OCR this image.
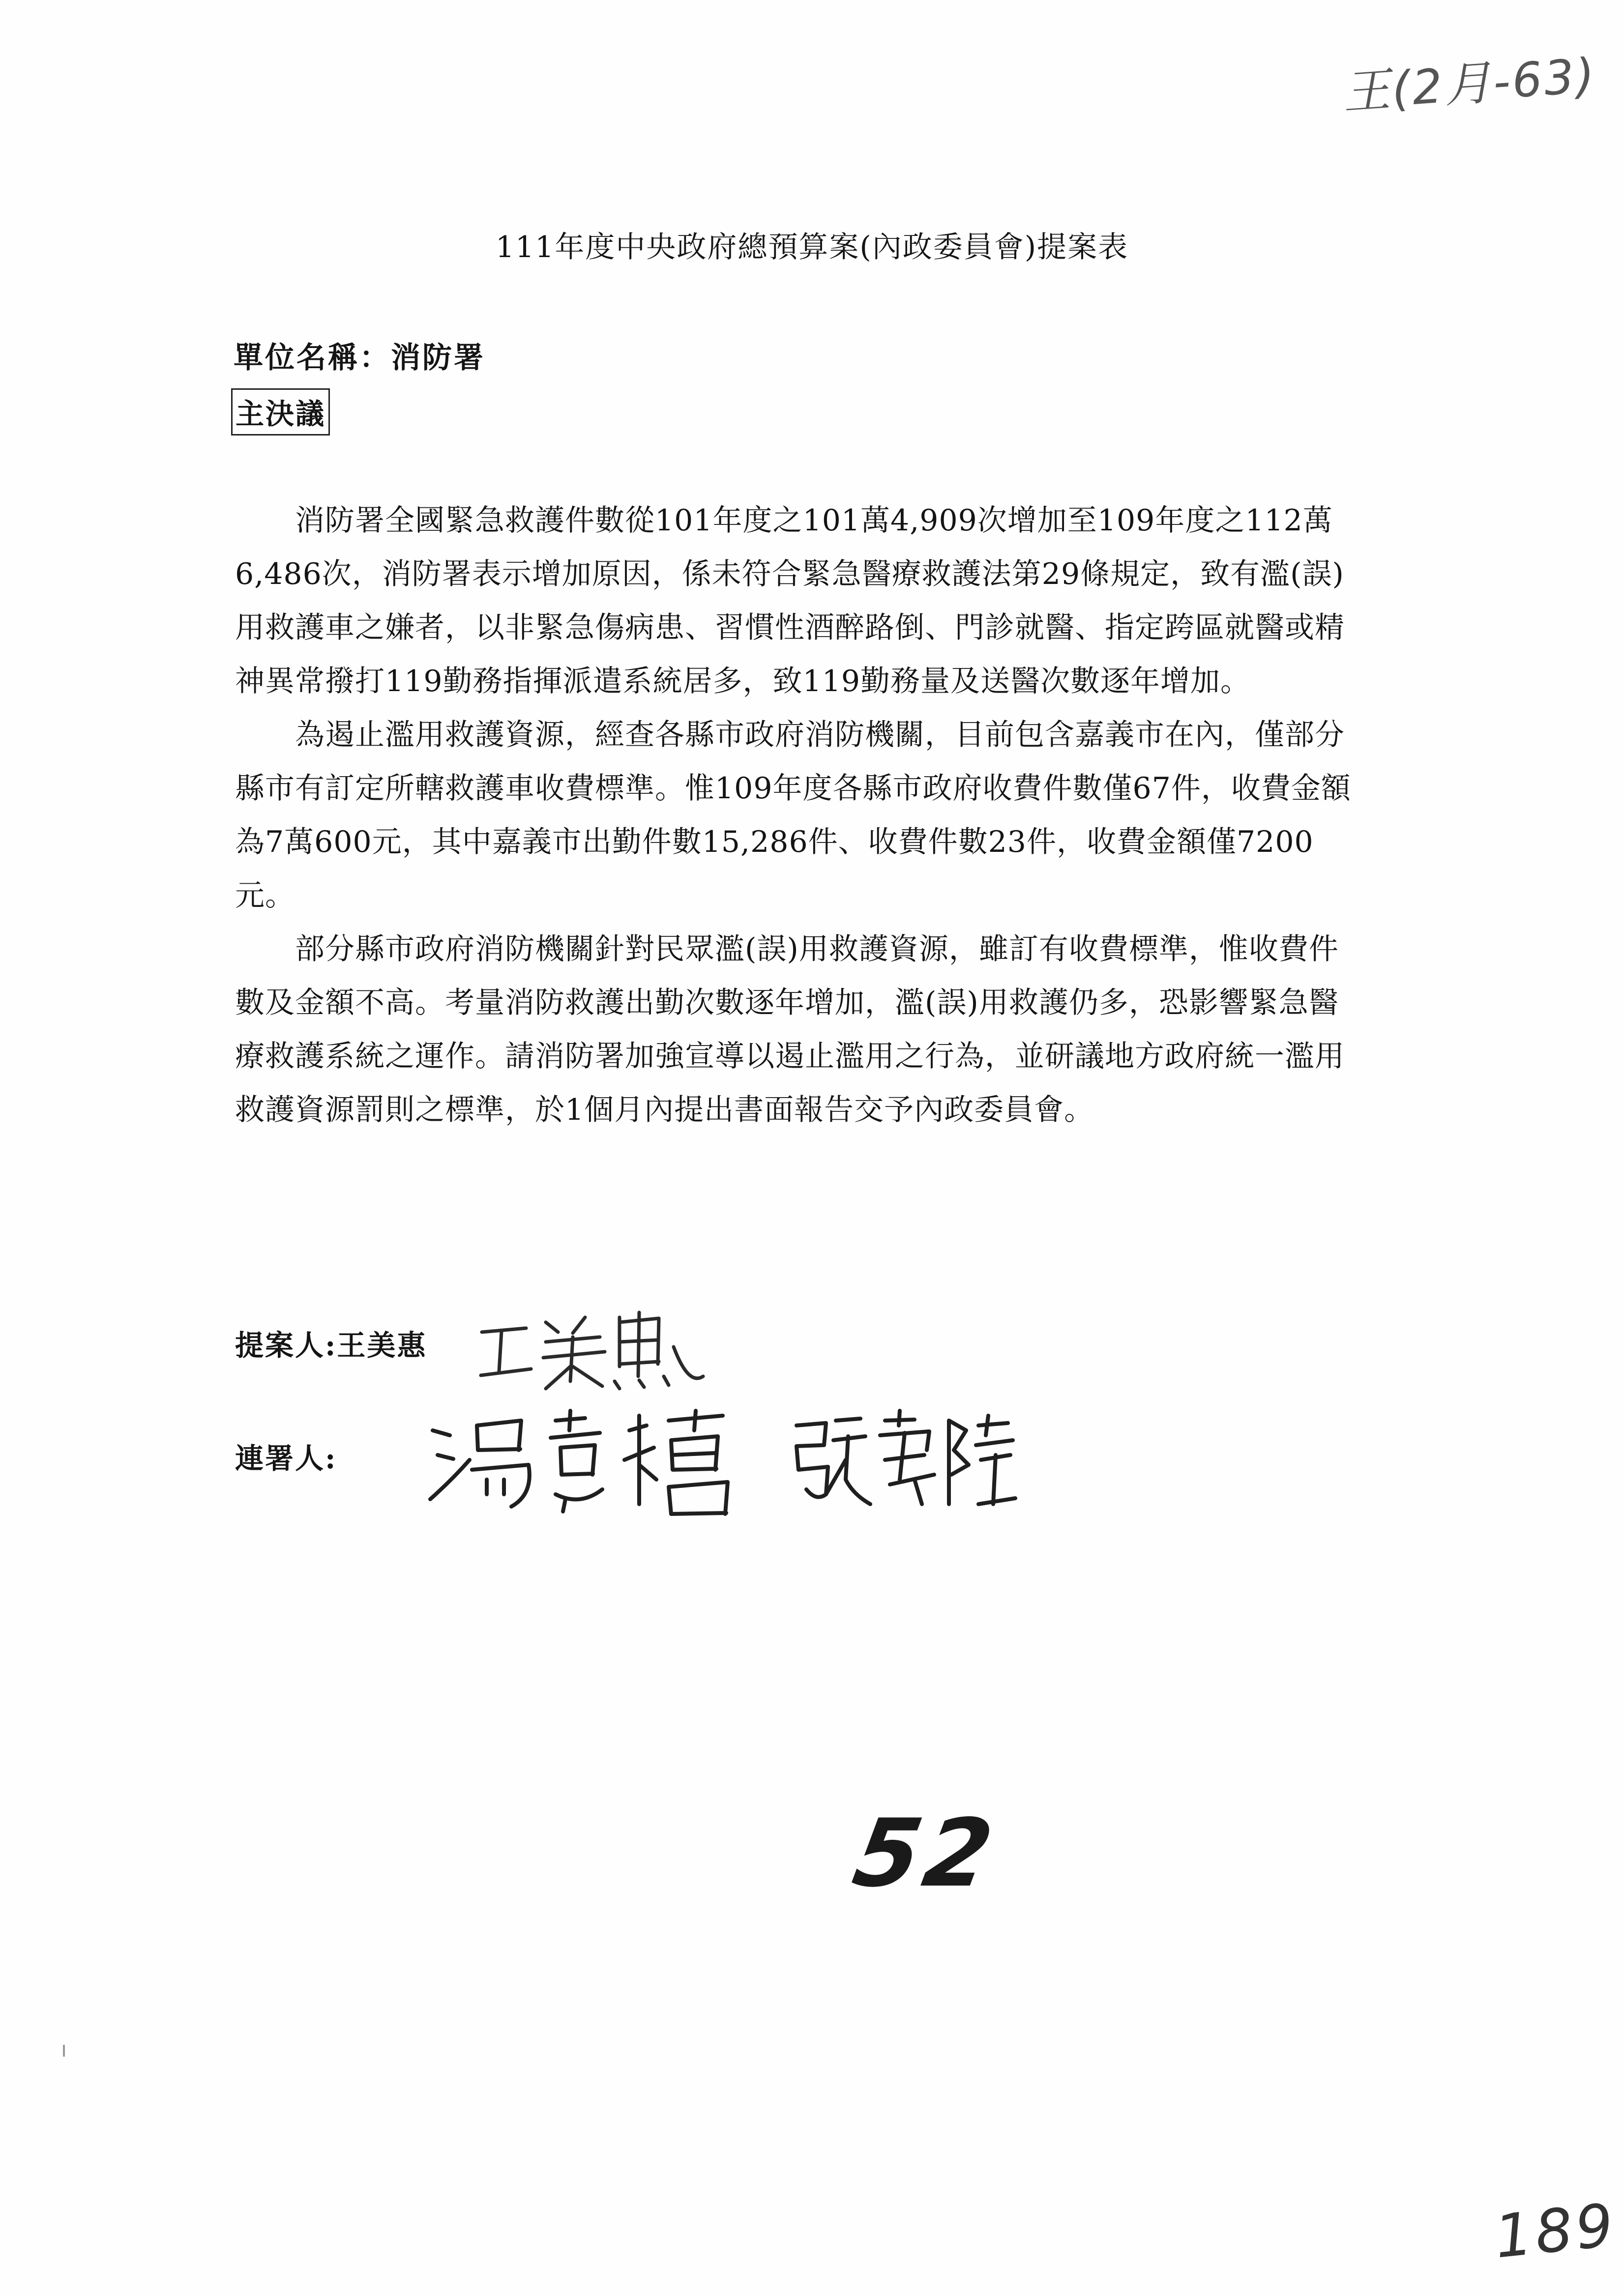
王(2月-63)
111年度中央政府總預算案(內政委員會)提案表
單位名稱：消防署
主決議

消防署全國緊急救護件數從101年度之101萬4,909次增加至109年度之112萬6,486次，消防署表示增加原因，係未符合緊急醫療救護法第29條規定，致有濫(誤)用救護車之嫌者，以非緊急傷病患、習慣性酒醉路倒、門診就醫、指定跨區就醫或精神異常撥打119勤務指揮派遣系統居多，致119勤務量及送醫次數逐年增加。

為遏止濫用救護資源，經查各縣市政府消防機關，目前包含嘉義市在內，僅部分縣市有訂定所轄救護車收費標準。惟109年度各縣市政府收費件數僅67件，收費金額為7萬600元，其中嘉義市出勤件數15,286件、收費件數23件，收費金額僅7200元。

部分縣市政府消防機關針對民眾濫(誤)用救護資源，雖訂有收費標準，惟收費件數及金額不高。考量消防救護出勤次數逐年增加，濫(誤)用救護仍多，恐影響緊急醫療救護系統之運作。請消防署加強宣導以遏止濫用之行為，並研議地方政府統一濫用救護資源罰則之標準，於1個月內提出書面報告交予內政委員會。

提案人:王美惠
連署人:
52
189
